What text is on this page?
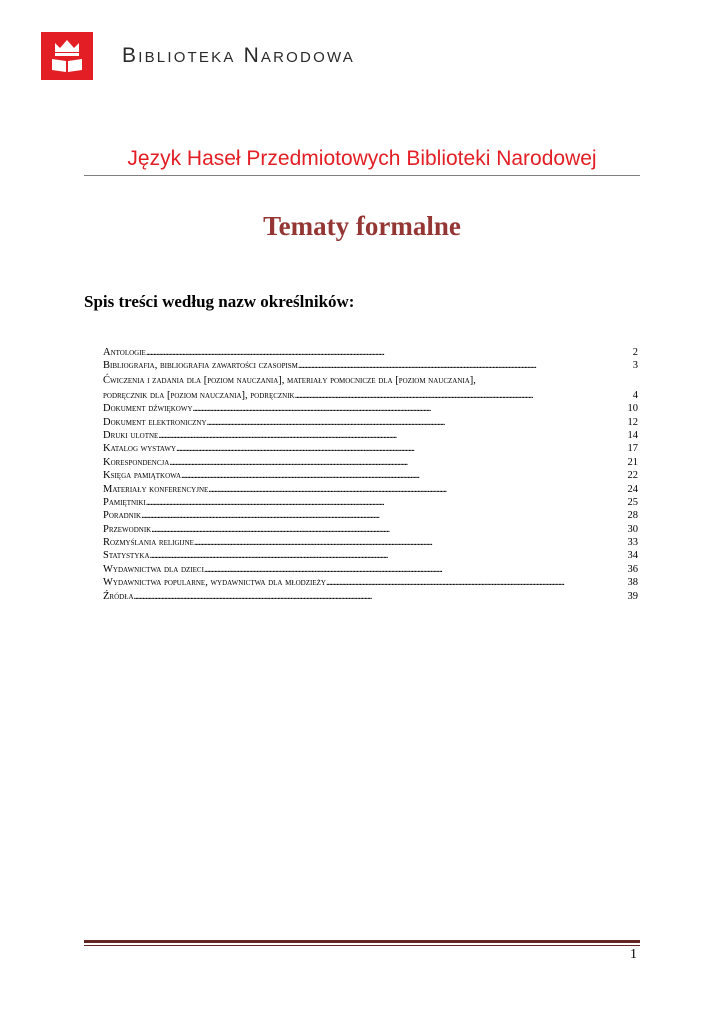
Biblioteka Narodowa
Język Haseł Przedmiotowych Biblioteki Narodowej
Tematy formalne
Spis treści według nazw określników:
Antologie . . .	2
Bibliografia, bibliografia zawartości czasopism . . .	3
Ćwiczenia i zadania dla [poziom nauczania], materiały pomocnicze dla [poziom nauczania],
podręcznik dla [poziom nauczania], podręcznik . . .	4
Dokument dźwiękowy . . .	10
Dokument elektroniczny . . .	12
Druki ulotne . . .	14
Katalog wystawy . . .	17
Korespondencja . . .	21
Księga pamiątkowa . . .	22
Materiały konferencyjne . . .	24
Pamiętniki . . .	25
Poradnik . . .	28
Przewodnik . . .	30
Rozmyślania religijne . . .	33
Statystyka . . .	34
Wydawnictwa dla dzieci . . .	36
Wydawnictwa popularne, wydawnictwa dla młodzieży . . .	38
Źródła . . .	39
1
